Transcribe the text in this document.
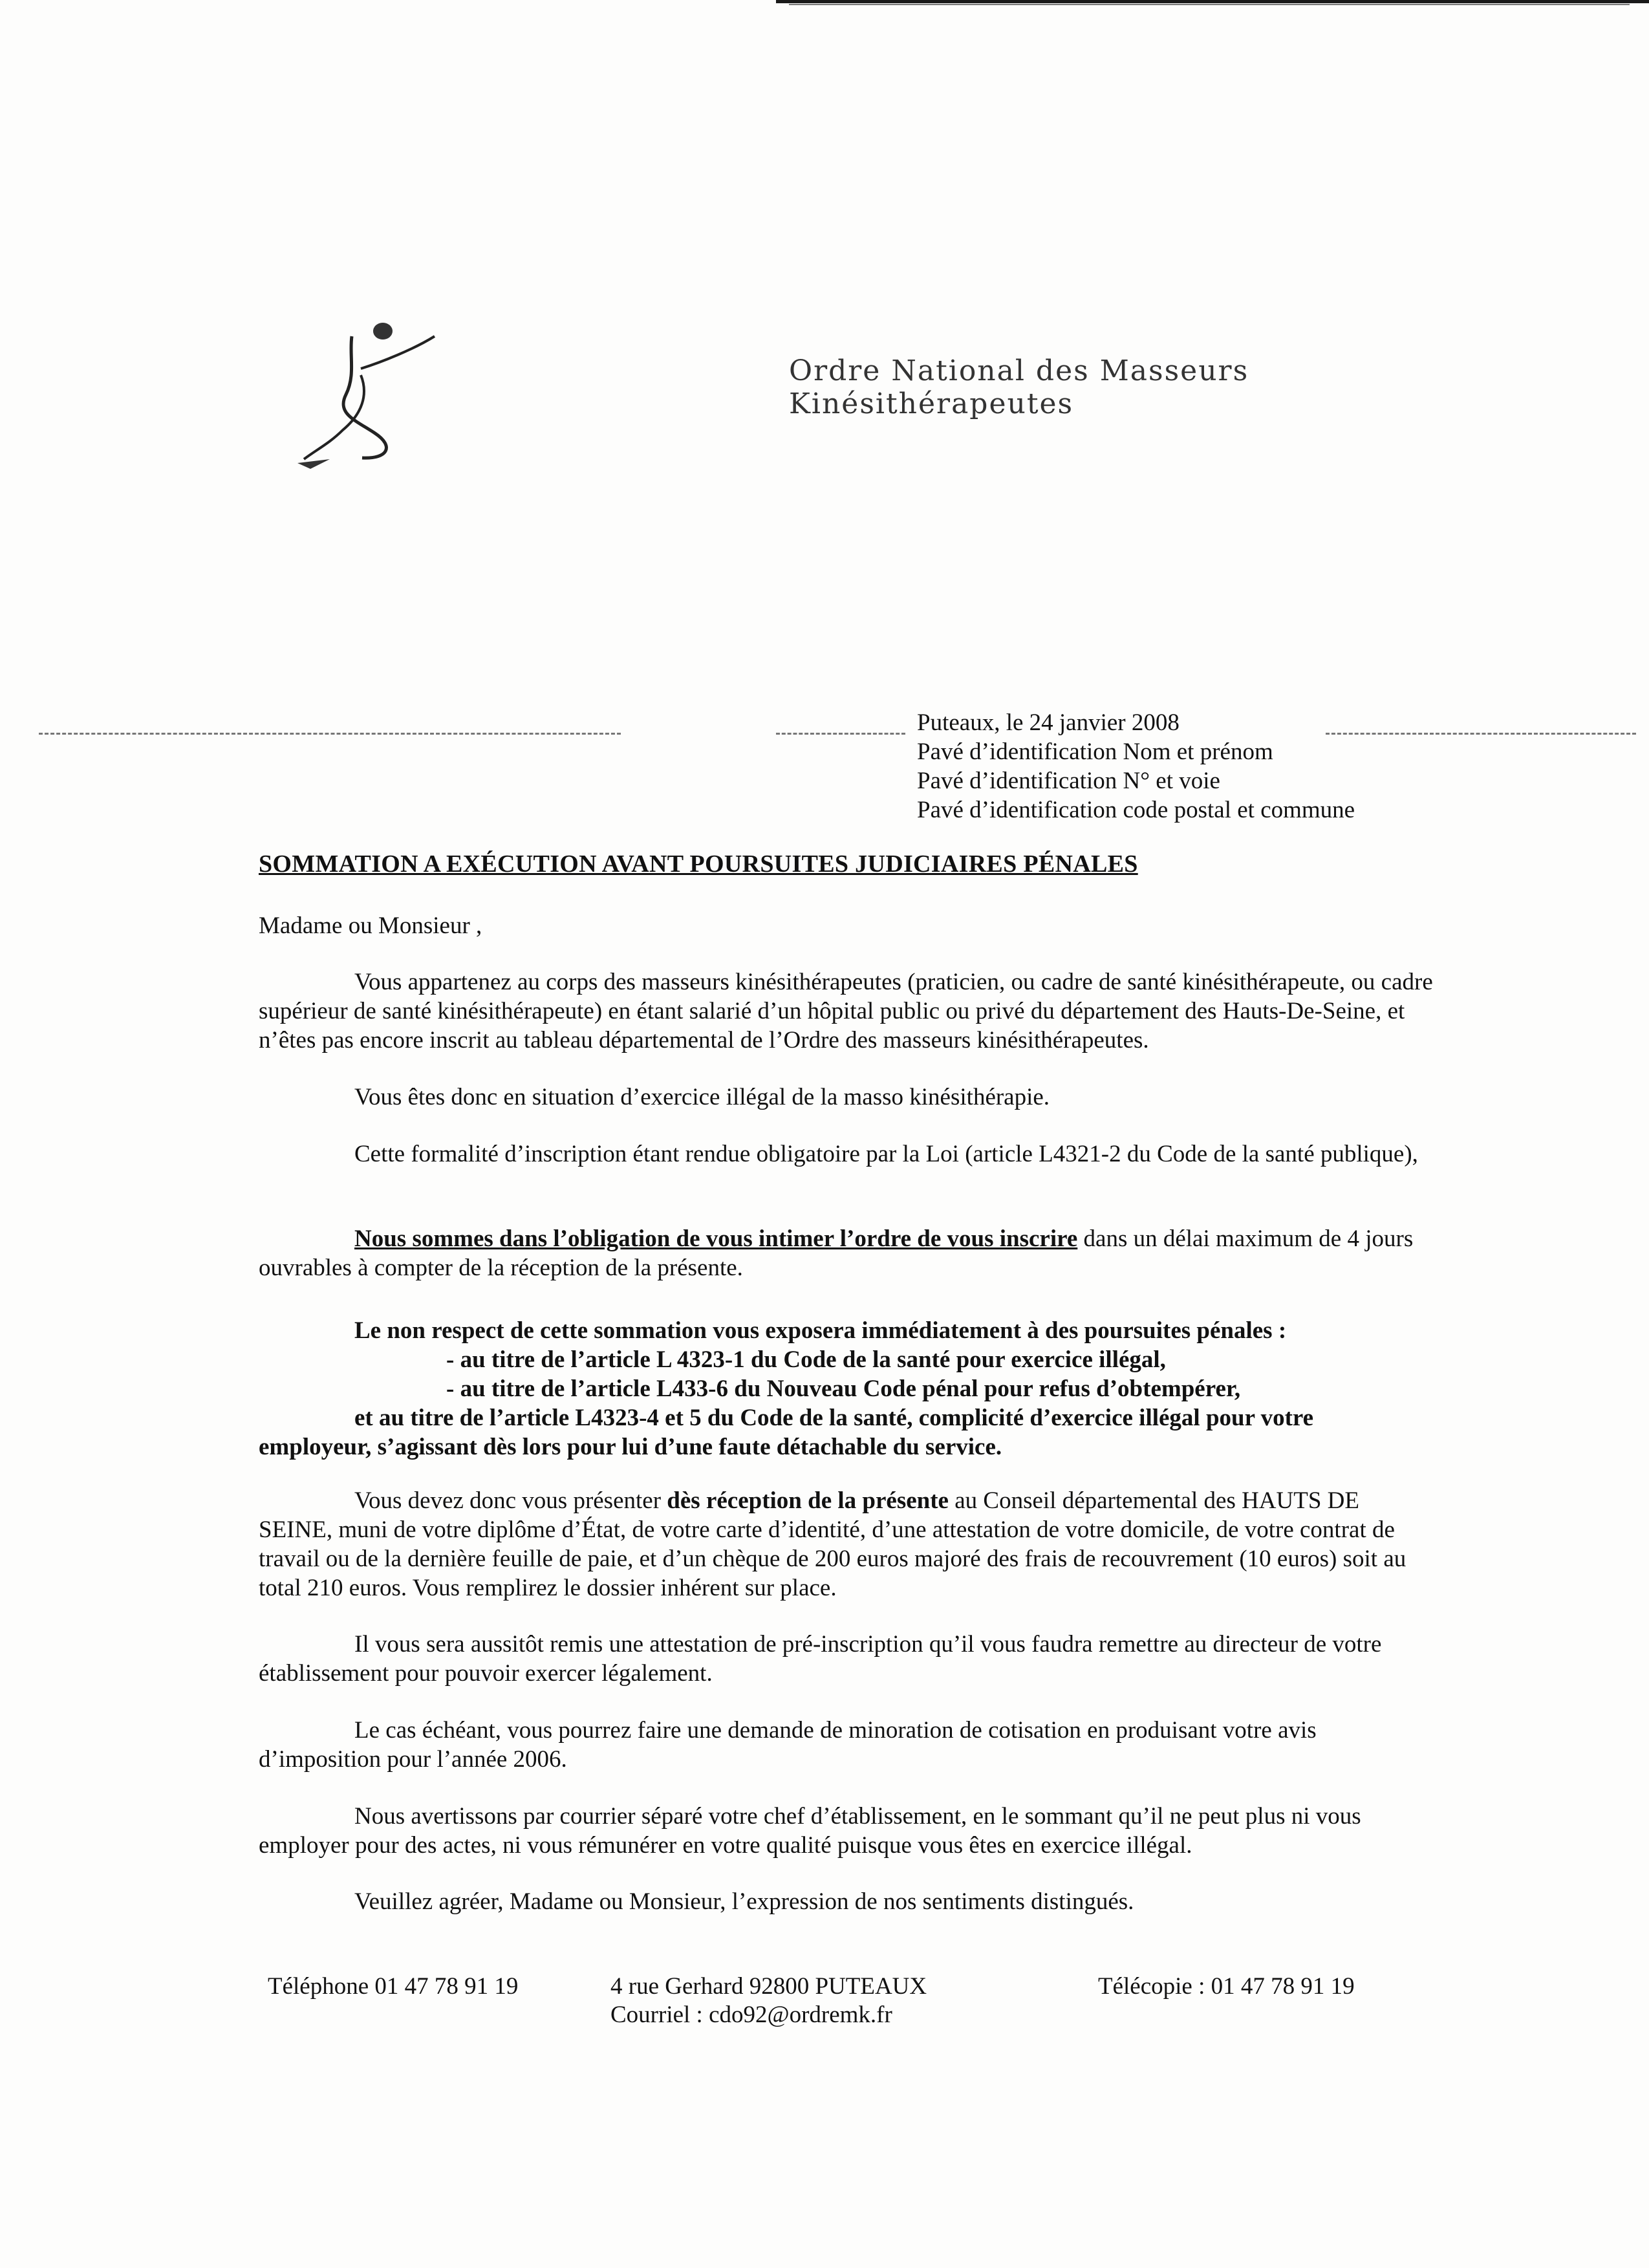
Ordre National des Masseurs Kinésithérapeutes
Puteaux, le 24 janvier 2008
Pavé d’identification Nom et prénom
Pavé d’identification N° et voie
Pavé d’identification code postal et commune
SOMMATION A EXÉCUTION AVANT POURSUITES JUDICIAIRES PÉNALES
Madame ou Monsieur ,

Vous appartenez au corps des masseurs kinésithérapeutes (praticien, ou cadre de santé kinésithérapeute, ou cadre supérieur de santé kinésithérapeute) en étant salarié d’un hôpital public ou privé du département des Hauts-De-Seine, et n’êtes pas encore inscrit au tableau départemental de l’Ordre des masseurs kinésithérapeutes.

Vous êtes donc en situation d’exercice illégal de la masso kinésithérapie.

Cette formalité d’inscription étant rendue obligatoire par la Loi (article L4321-2 du Code de la santé publique),

Nous sommes dans l’obligation de vous intimer l’ordre de vous inscrire dans un délai maximum de 4 jours ouvrables à compter de la réception de la présente.

Le non respect de cette sommation vous exposera immédiatement à des poursuites pénales :
- au titre de l’article L 4323-1 du Code de la santé pour exercice illégal,
- au titre de l’article L433-6 du Nouveau Code pénal pour refus d’obtempérer,
et au titre de l’article L4323-4 et 5 du Code de la santé, complicité d’exercice illégal pour votre
employeur, s’agissant dès lors pour lui d’une faute détachable du service.

Vous devez donc vous présenter dès réception de la présente au Conseil départemental des HAUTS DE SEINE, muni de votre diplôme d’État, de votre carte d’identité, d’une attestation de votre domicile, de votre contrat de travail ou de la dernière feuille de paie, et d’un chèque de 200 euros majoré des frais de recouvrement (10 euros) soit au total 210 euros. Vous remplirez le dossier inhérent sur place.

Il vous sera aussitôt remis une attestation de pré-inscription qu’il vous faudra remettre au directeur de votre établissement pour pouvoir exercer légalement.

Le cas échéant, vous pourrez faire une demande de minoration de cotisation en produisant votre avis d’imposition pour l’année 2006.

Nous avertissons par courrier séparé votre chef d’établissement, en le sommant qu’il ne peut plus ni vous employer pour des actes, ni vous rémunérer en votre qualité puisque vous êtes en exercice illégal.

Veuillez agréer, Madame ou Monsieur, l’expression de nos sentiments distingués.

Téléphone 01 47 78 91 19	4 rue Gerhard 92800 PUTEAUX
Courriel : cdo92@ordremk.fr
Télécopie : 01 47 78 91 19
